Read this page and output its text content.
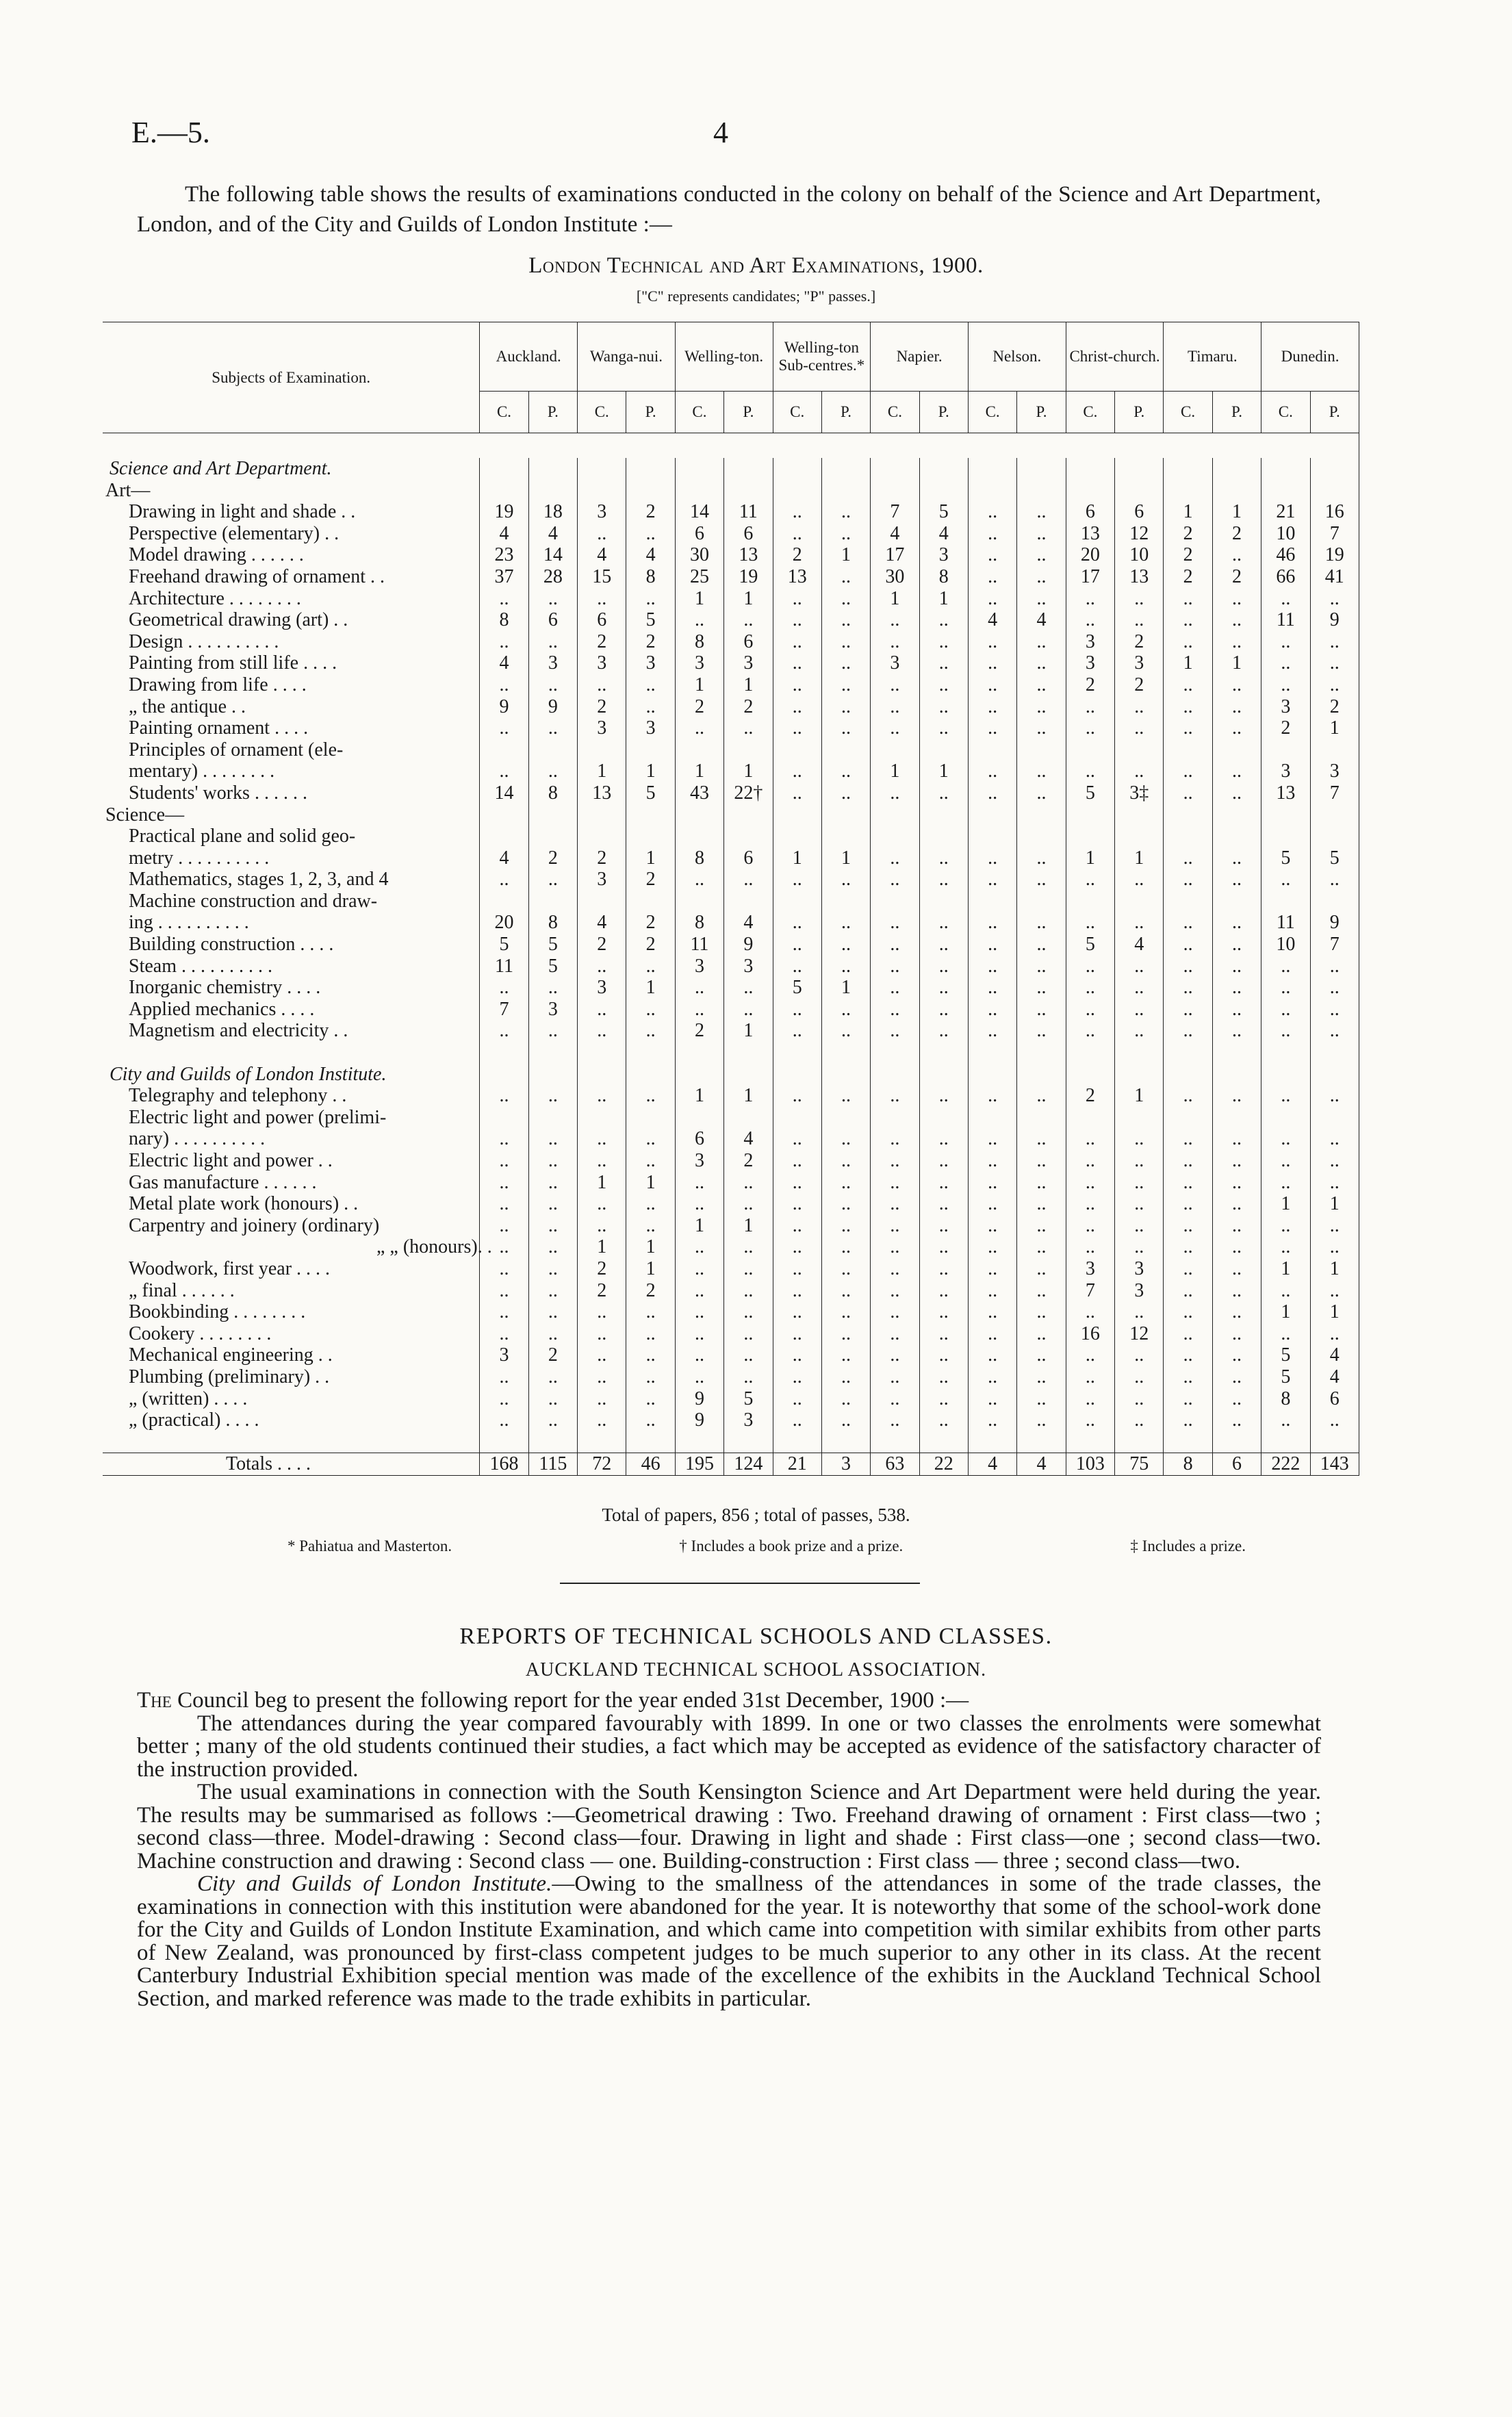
E.—5.	4
The following table shows the results of examinations conducted in the colony on behalf of the Science and Art Department, London, and of the City and Guilds of London Institute :—
London Technical and Art Examinations, 1900.
["C" represents candidates; "P" passes.]
Subjects of Examination.	Auckland.		Wanga-nui.		Welling-ton.		Welling-ton Sub-centres.*		Napier.		Nelson.		Christ-church.		Timaru.		Dunedin.	
	C.	P.	C.	P.	C.	P.	C.	P.	C.	P.	C.	P.	C.	P.	C.	P.	C.	P.

Science and Art Department.																		
Art—																		
Drawing in light and shade . .	19	18	3	2	14	11	..	..	7	5	..	..	6	6	1	1	21	16
Perspective (elementary) . .	4	4	..	..	6	6	..	..	4	4	..	..	13	12	2	2	10	7
Model drawing . . . . . .	23	14	4	4	30	13	2	1	17	3	..	..	20	10	2	..	46	19
Freehand drawing of ornament . .	37	28	15	8	25	19	13	..	30	8	..	..	17	13	2	2	66	41
Architecture . . . . . . . .	..	..	..	..	1	1	..	..	1	1	..	..	..	..	..	..	..	..
Geometrical drawing (art) . .	8	6	6	5	..	..	..	..	..	..	4	4	..	..	..	..	11	9
Design . . . . . . . . . .	..	..	2	2	8	6	..	..	..	..	..	..	3	2	..	..	..	..
Painting from still life . . . .	4	3	3	3	3	3	..	..	3	..	..	..	3	3	1	1	..	..
Drawing from life . . . .	..	..	..	..	1	1	..	..	..	..	..	..	2	2	..	..	..	..
„ the antique . .	9	9	2	..	2	2	..	..	..	..	..	..	..	..	..	..	3	2
Painting ornament . . . .	..	..	3	3	..	..	..	..	..	..	..	..	..	..	..	..	2	1
Principles of ornament (ele-																		
mentary) . . . . . . . .	..	..	1	1	1	1	..	..	1	1	..	..	..	..	..	..	3	3
Students' works . . . . . .	14	8	13	5	43	22†	..	..	..	..	..	..	5	3‡	..	..	13	7
Science—																		
Practical plane and solid geo-																		
metry . . . . . . . . . .	4	2	2	1	8	6	1	1	..	..	..	..	1	1	..	..	5	5
Mathematics, stages 1, 2, 3, and 4	..	..	3	2	..	..	..	..	..	..	..	..	..	..	..	..	..	..
Machine construction and draw-																		
ing . . . . . . . . . .	20	8	4	2	8	4	..	..	..	..	..	..	..	..	..	..	11	9
Building construction . . . .	5	5	2	2	11	9	..	..	..	..	..	..	5	4	..	..	10	7
Steam . . . . . . . . . .	11	5	..	..	3	3	..	..	..	..	..	..	..	..	..	..	..	..
Inorganic chemistry . . . .	..	..	3	1	..	..	5	1	..	..	..	..	..	..	..	..	..	..
Applied mechanics . . . .	7	3	..	..	..	..	..	..	..	..	..	..	..	..	..	..	..	..
Magnetism and electricity . .	..	..	..	..	2	1	..	..	..	..	..	..	..	..	..	..	..	..

City and Guilds of London Institute.																		
Telegraphy and telephony . .	..	..	..	..	1	1	..	..	..	..	..	..	2	1	..	..	..	..
Electric light and power (prelimi-																		
nary) . . . . . . . . . .	..	..	..	..	6	4	..	..	..	..	..	..	..	..	..	..	..	..
Electric light and power . .	..	..	..	..	3	2	..	..	..	..	..	..	..	..	..	..	..	..
Gas manufacture . . . . . .	..	..	1	1	..	..	..	..	..	..	..	..	..	..	..	..	..	..
Metal plate work (honours) . .	..	..	..	..	..	..	..	..	..	..	..	..	..	..	..	..	1	1
Carpentry and joinery (ordinary)	..	..	..	..	1	1	..	..	..	..	..	..	..	..	..	..	..	..
„ „ (honours). .	..	..	1	1	..	..	..	..	..	..	..	..	..	..	..	..	..	..
Woodwork, first year . . . .	..	..	2	1	..	..	..	..	..	..	..	..	3	3	..	..	1	1
„ final . . . . . .	..	..	2	2	..	..	..	..	..	..	..	..	7	3	..	..	..	..
Bookbinding . . . . . . . .	..	..	..	..	..	..	..	..	..	..	..	..	..	..	..	..	1	1
Cookery . . . . . . . .	..	..	..	..	..	..	..	..	..	..	..	..	16	12	..	..	..	..
Mechanical engineering . .	3	2	..	..	..	..	..	..	..	..	..	..	..	..	..	..	5	4
Plumbing (preliminary) . .	..	..	..	..	..	..	..	..	..	..	..	..	..	..	..	..	5	4
„ (written) . . . .	..	..	..	..	9	5	..	..	..	..	..	..	..	..	..	..	8	6
„ (practical) . . . .	..	..	..	..	9	3	..	..	..	..	..	..	..	..	..	..	..	..

Totals . . . .	168	115	72	46	195	124	21	3	63	22	4	4	103	75	8	6	222	143
Total of papers, 856 ; total of passes, 538.
* Pahiatua and Masterton.	† Includes a book prize and a prize.	‡ Includes a prize.
REPORTS OF TECHNICAL SCHOOLS AND CLASSES.
AUCKLAND TECHNICAL SCHOOL ASSOCIATION.

The Council beg to present the following report for the year ended 31st December, 1900 :—

The attendances during the year compared favourably with 1899. In one or two classes the enrolments were somewhat better ; many of the old students continued their studies, a fact which may be accepted as evidence of the satisfactory character of the instruction provided.

The usual examinations in connection with the South Kensington Science and Art Department were held during the year. The results may be summarised as follows :—Geometrical drawing : Two. Freehand drawing of ornament : First class—two ; second class—three. Model-drawing : Second class—four. Drawing in light and shade : First class—one ; second class—two. Machine construction and drawing : Second class — one. Building-construction : First class — three ; second class—two.

City and Guilds of London Institute.—Owing to the smallness of the attendances in some of the trade classes, the examinations in connection with this institution were abandoned for the year. It is noteworthy that some of the school-work done for the City and Guilds of London Institute Examination, and which came into competition with similar exhibits from other parts of New Zealand, was pronounced by first-class competent judges to be much superior to any other in its class. At the recent Canterbury Industrial Exhibition special mention was made of the excellence of the exhibits in the Auckland Technical School Section, and marked reference was made to the trade exhibits in particular.
